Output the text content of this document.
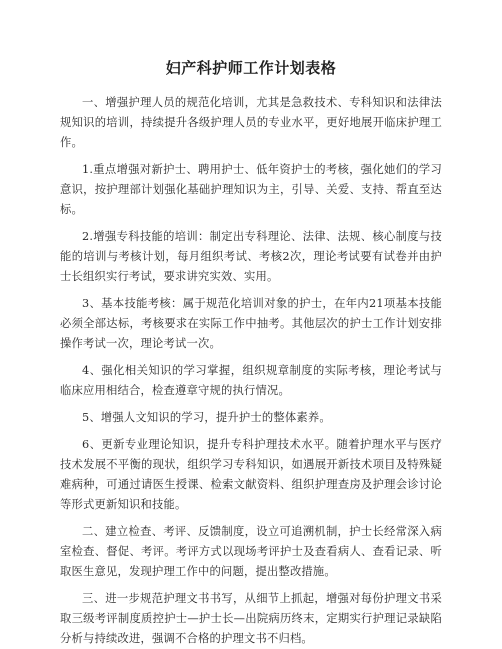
妇产科护师工作计划表格

一、增强护理人员的规范化培训，尤其是急救技术、专科知识和法律法规知识的培训，持续提升各级护理人员的专业水平，更好地展开临床护理工作。

1.重点增强对新护士、聘用护士、低年资护士的考核，强化她们的学习意识，按护理部计划强化基础护理知识为主，引导、关爱、支持、帮直至达标。

2.增强专科技能的培训：制定出专科理论、法律、法规、核心制度与技能的培训与考核计划，每月组织考试、考核2次，理论考试要有试卷并由护士长组织实行考试，要求讲究实效、实用。

3、基本技能考核：属于规范化培训对象的护士，在年内21项基本技能必须全部达标，考核要求在实际工作中抽考。其他层次的护士工作计划安排操作考试一次，理论考试一次。

4、强化相关知识的学习掌握，组织规章制度的实际考核，理论考试与临床应用相结合，检查遵章守规的执行情况。

5、增强人文知识的学习，提升护士的整体素养。

6、更新专业理论知识，提升专科护理技术水平。随着护理水平与医疗技术发展不平衡的现状，组织学习专科知识，如遇展开新技术项目及特殊疑难病种，可通过请医生授课、检索文献资料、组织护理查房及护理会诊讨论等形式更新知识和技能。

二、建立检查、考评、反馈制度，设立可追溯机制，护士长经常深入病室检查、督促、考评。考评方式以现场考评护士及查看病人、查看记录、听取医生意见，发现护理工作中的问题，提出整改措施。

三、进一步规范护理文书书写，从细节上抓起，增强对每份护理文书采取三级考评制度质控护士—护士长—出院病历终末，定期实行护理记录缺陷分析与持续改进，强调不合格的护理文书不归档。
